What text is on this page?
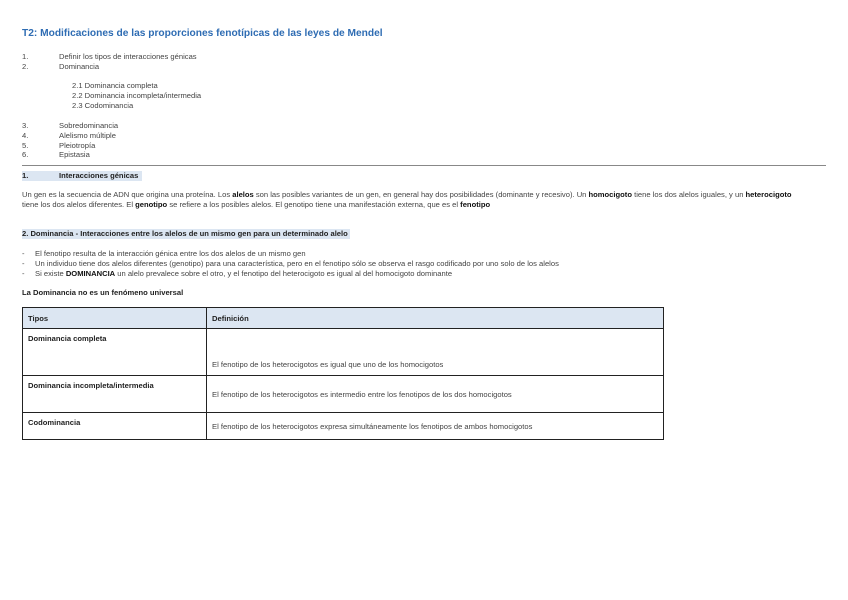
T2: Modificaciones de las proporciones fenotípicas de las leyes de Mendel
1.	Definir los tipos de interacciones génicas
2.	Dominancia
2.1 Dominancia completa
2.2 Dominancia incompleta/intermedia
2.3 Codominancia
3.	Sobredominancia
4.	Alelismo múltiple
5.	Pleiotropía
6.	Epistasia
1.	Interacciones génicas
Un gen es la secuencia de ADN que origina una proteína. Los alelos son las posibles variantes de un gen, en general hay dos posibilidades (dominante y recesivo). Un homocigoto tiene los dos alelos iguales, y un heterocigoto tiene los dos alelos diferentes. El genotipo se refiere a los posibles alelos. El genotipo tiene una manifestación externa, que es el fenotipo
2. Dominancia - Interacciones entre los alelos de un mismo gen para un determinado alelo
-	El fenotipo resulta de la interacción génica entre los dos alelos de un mismo gen
-	Un individuo tiene dos alelos diferentes (genotipo) para una característica, pero en el fenotipo sólo se observa el rasgo codificado por uno solo de los alelos
-	Si existe DOMINANCIA un alelo prevalece sobre el otro, y el fenotipo del heterocigoto es igual al del homocigoto dominante
La Dominancia no es un fenómeno universal
Tipos	Definición
Dominancia completa	El fenotipo de los heterocigotos es igual que uno de los homocigotos
Dominancia incompleta/intermedia	El fenotipo de los heterocigotos es intermedio entre los fenotipos de los dos homocigotos
Codominancia	El fenotipo de los heterocigotos expresa simultáneamente los fenotipos de ambos homocigotos
